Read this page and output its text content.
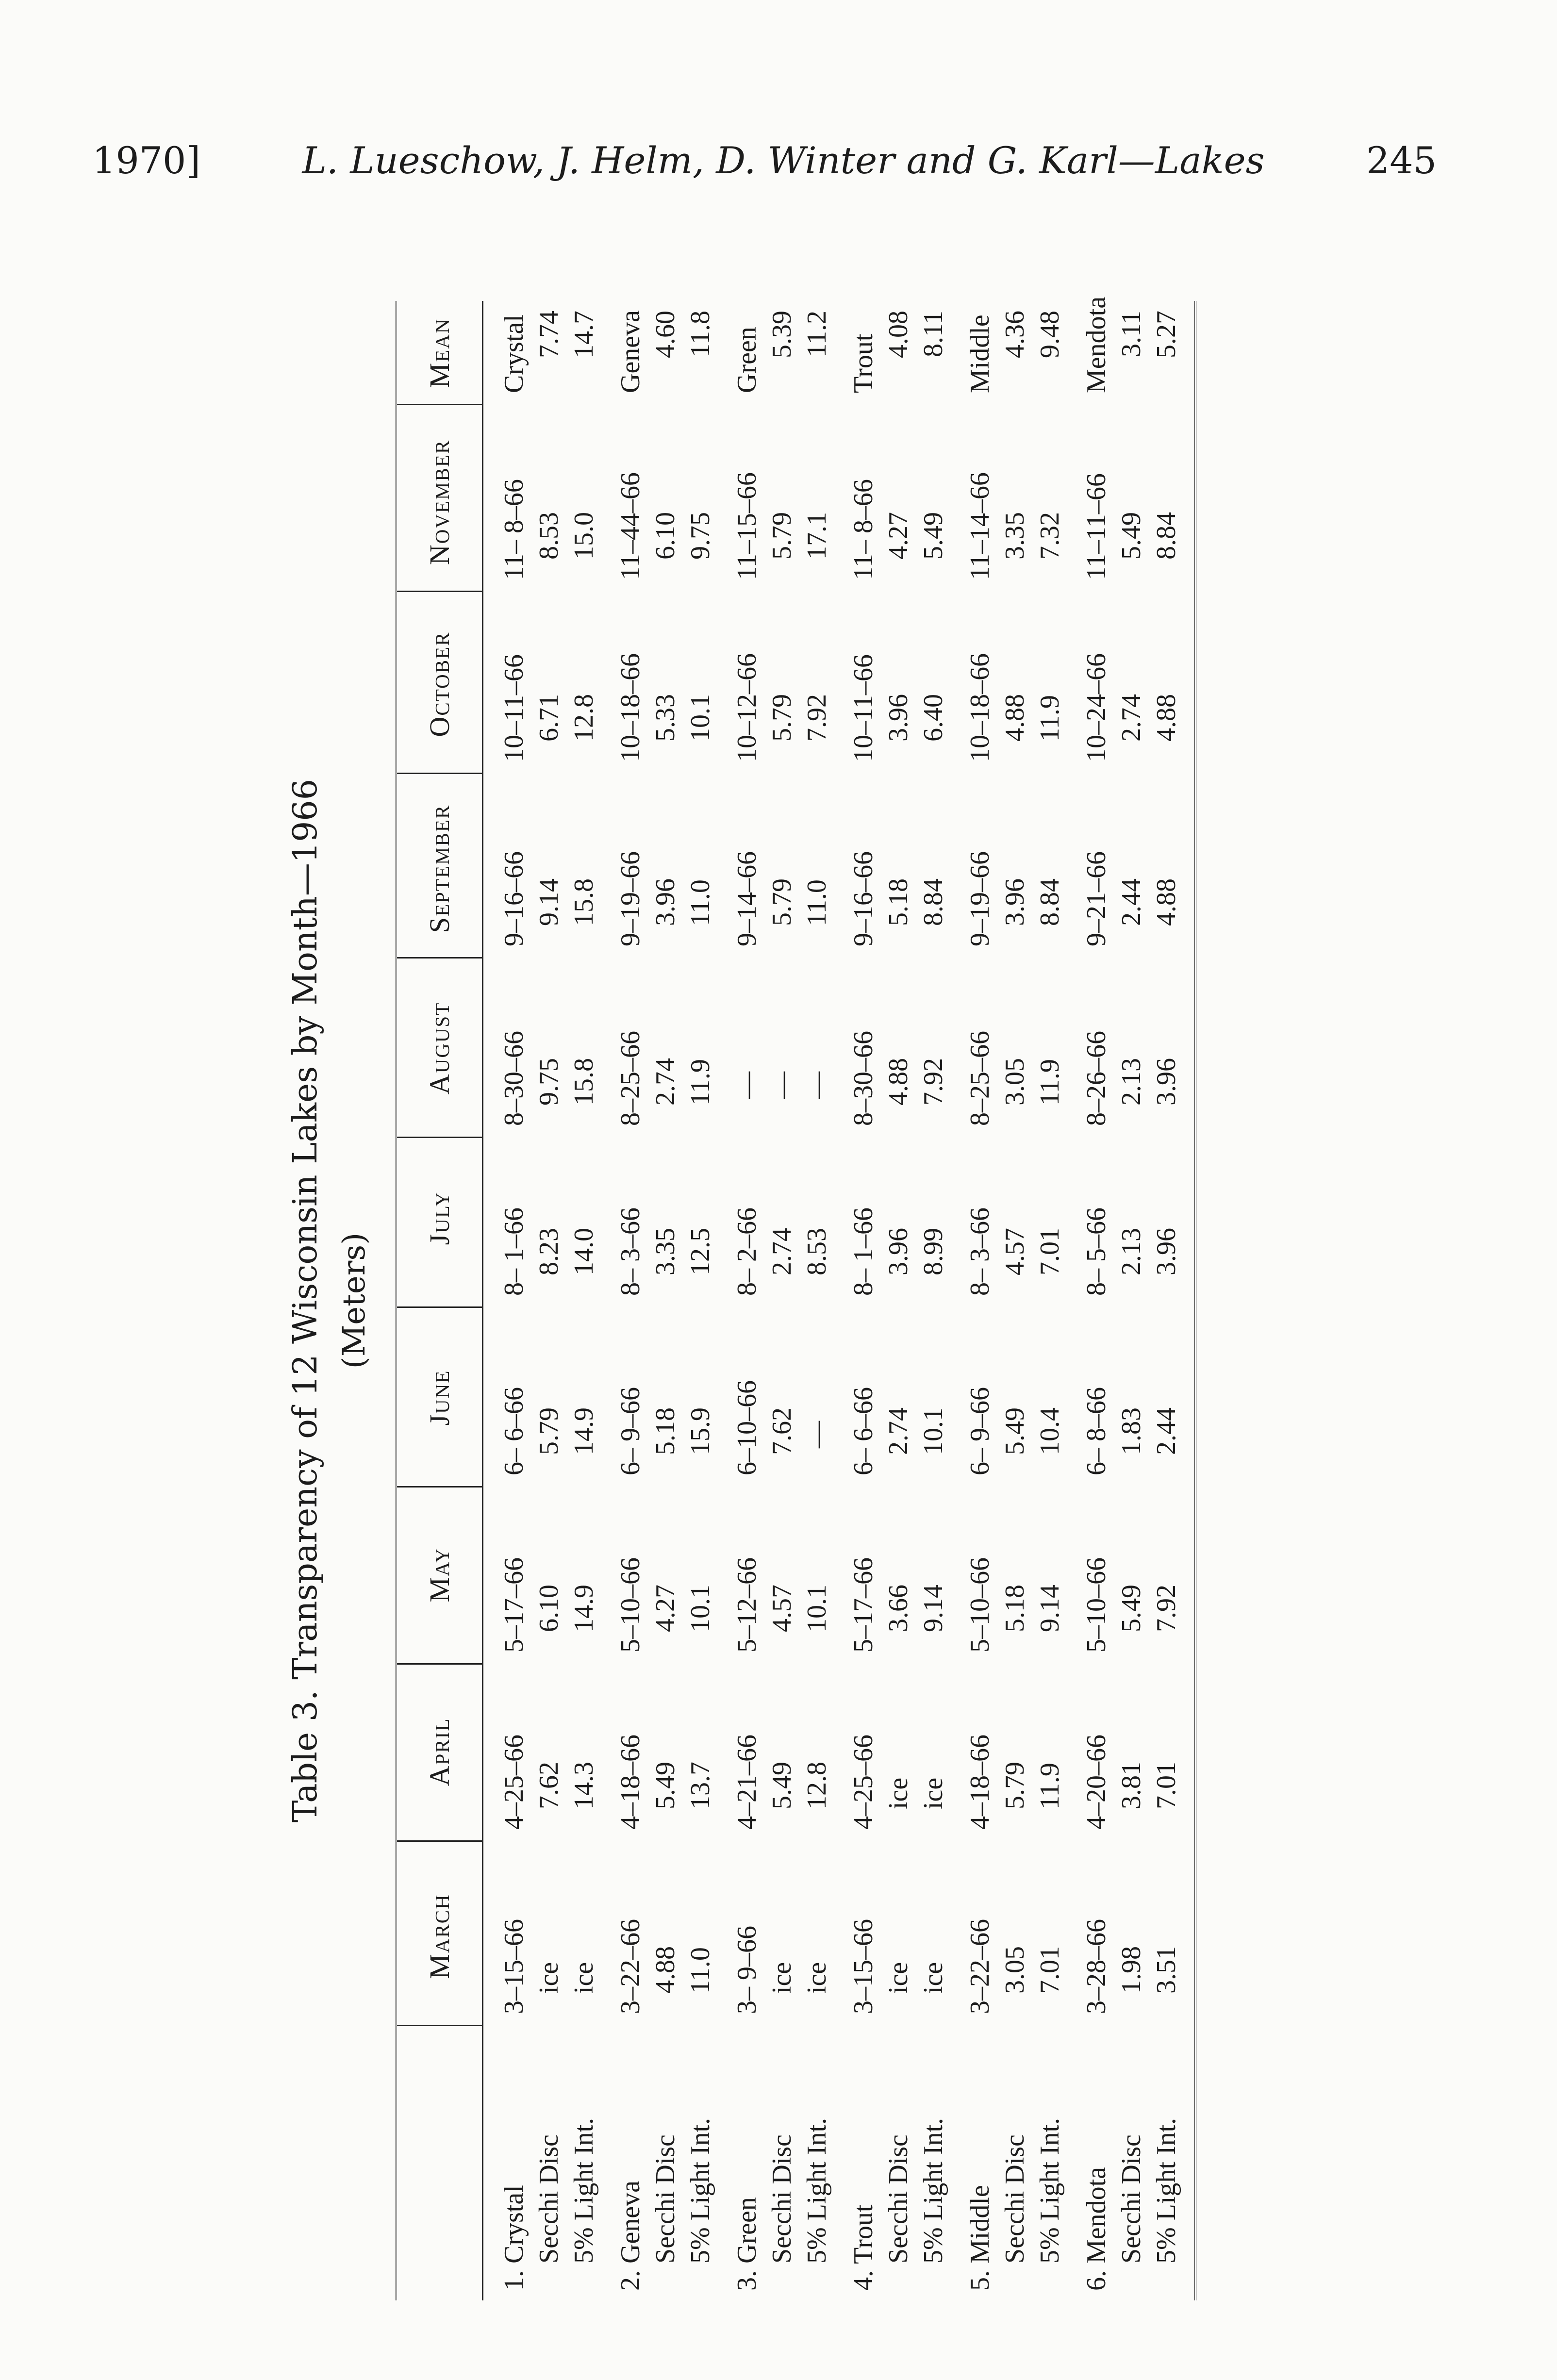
1970]	L. Lueschow, J. Helm, D. Winter and G. Karl—Lakes	245
Table 3. Transparency of 12 Wisconsin Lakes by Month—1966 (Meters)
March
April
May
June
July
August
September
October
November
Mean
1. Crystal Secchi Disc 5% Light Int.
3–15–66 ice ice
4–25–66 7.62 14.3
5–17–66 6.10 14.9
6– 6–66 5.79 14.9
8– 1–66 8.23 14.0
8–30–66 9.75 15.8
9–16–66 9.14 15.8
10–11–66 6.71 12.8
11– 8–66 8.53 15.0
Crystal 7.74 14.7
2. Geneva Secchi Disc 5% Light Int.
3–22–66 4.88 11.0
4–18–66 5.49 13.7
5–10–66 4.27 10.1
6– 9–66 5.18 15.9
8– 3–66 3.35 12.5
8–25–66 2.74 11.9
9–19–66 3.96 11.0
10–18–66 5.33 10.1
11–44–66 6.10 9.75
Geneva 4.60 11.8
3. Green Secchi Disc 5% Light Int.
3– 9–66 ice ice
4–21–66 5.49 12.8
5–12–66 4.57 10.1
6–10–66 7.62 —
8– 2–66 2.74 8.53
— — —
9–14–66 5.79 11.0
10–12–66 5.79 7.92
11–15–66 5.79 17.1
Green 5.39 11.2
4. Trout Secchi Disc 5% Light Int.
3–15–66 ice ice
4–25–66 ice ice
5–17–66 3.66 9.14
6– 6–66 2.74 10.1
8– 1–66 3.96 8.99
8–30–66 4.88 7.92
9–16–66 5.18 8.84
10–11–66 3.96 6.40
11– 8–66 4.27 5.49
Trout 4.08 8.11
5. Middle Secchi Disc 5% Light Int.
3–22–66 3.05 7.01
4–18–66 5.79 11.9
5–10–66 5.18 9.14
6– 9–66 5.49 10.4
8– 3–66 4.57 7.01
8–25–66 3.05 11.9
9–19–66 3.96 8.84
10–18–66 4.88 11.9
11–14–66 3.35 7.32
Middle 4.36 9.48
6. Mendota Secchi Disc 5% Light Int.
3–28–66 1.98 3.51
4–20–66 3.81 7.01
5–10–66 5.49 7.92
6– 8–66 1.83 2.44
8– 5–66 2.13 3.96
8–26–66 2.13 3.96
9–21–66 2.44 4.88
10–24–66 2.74 4.88
11–11–66 5.49 8.84
Mendota 3.11 5.27
